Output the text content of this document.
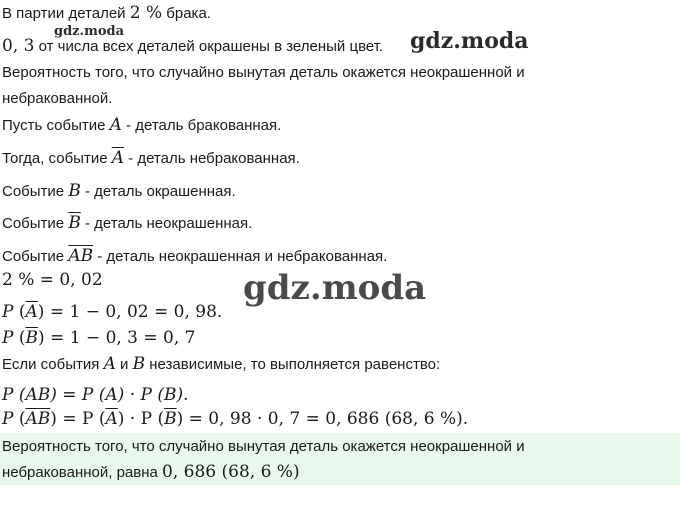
В партии деталей 2 % брака.
0, 3 от числа всех деталей окрашены в зеленый цвет.
Вероятность того, что случайно вынутая деталь окажется неокрашенной и
небракованной.
Пусть событие A - деталь бракованная.
Тогда, событие $\overline{A}$ - деталь небракованная.
Событие B - деталь окрашенная.
Событие $\overline{B}$ - деталь неокрашенная.
Событие $\overline{AB}$ - деталь неокрашенная и небракованная.
2 % = 0, 02
P $(\overline{A}) = 1 - 0$, 02 = 0, 98.
P $(\overline{B}) = 1 - 0$, 3 = 0, 7
Если события A и B независимые, то выполняется равенство:
P (AB) = P (A) · P (B).
P $(\overline{AB}) = P$ $(\overline{A}) \cdot P$ $(\overline{B}) = 0$, 98 · 0, 7 = 0, 686 (68, 6 %).
Вероятность того, что случайно вынутая деталь окажется неокрашенной и
небракованной, равна 0, 686 (68, 6 %)
gdz.moda	gdz.moda
gdz.moda
